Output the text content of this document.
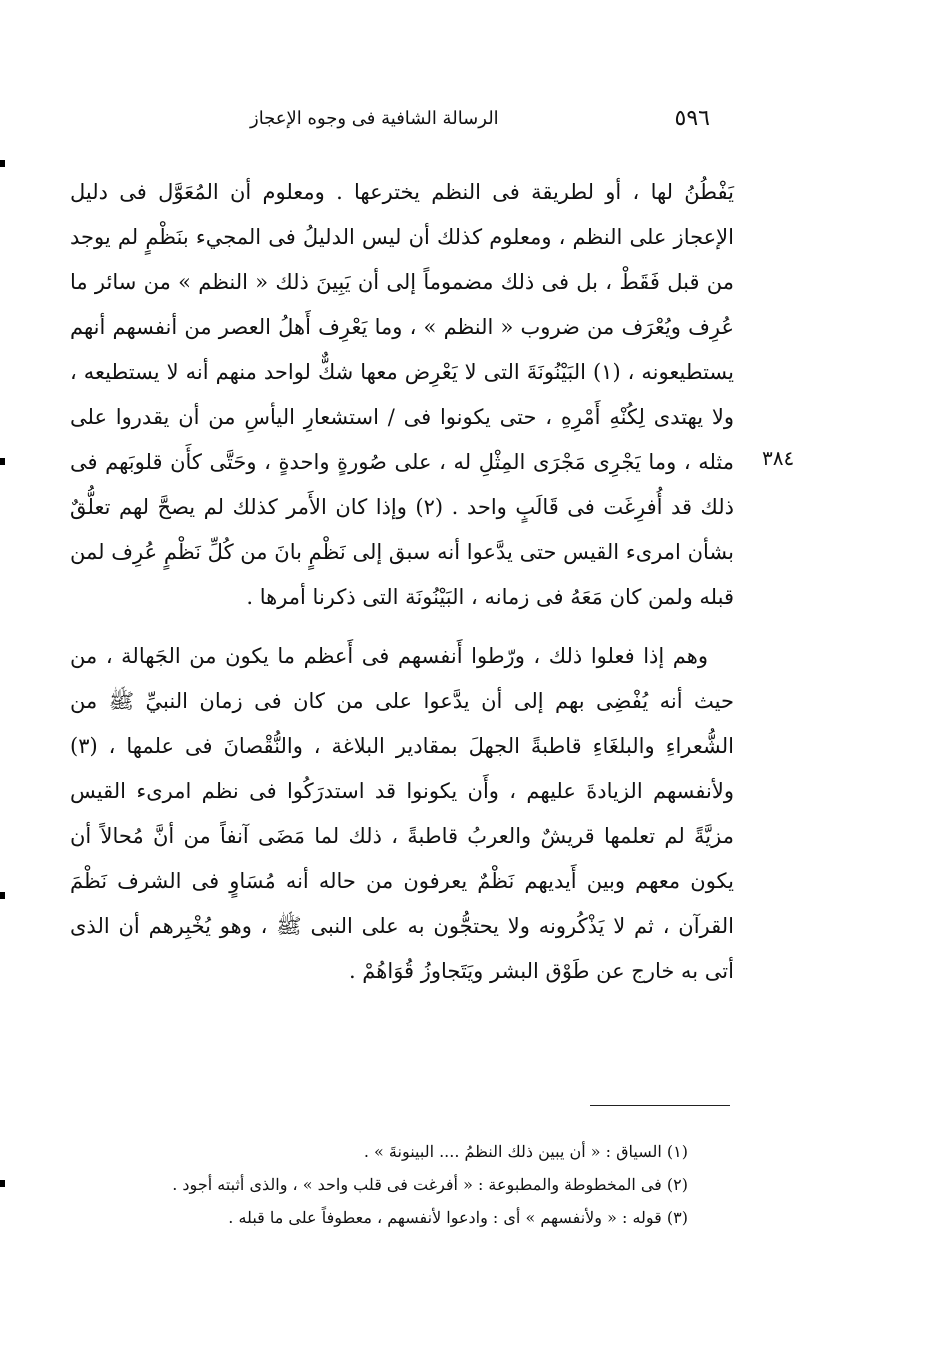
٥٩٦
الرسالة الشافية فى وجوه الإعجاز
٣٨٤

يَفْطُنُ لها ، أو لطريقة فى النظم يخترعها . ومعلوم أن المُعَوَّل فى دليل الإعجاز على النظم ، ومعلوم كذلك أن ليس الدليلُ فى المجيء بنَظْمٍ لم يوجد من قبل فَقَطْ ، بل فى ذلك مضموماً إلى أن يَبِينَ ذلك « النظم » من سائر ما عُرِف ويُعْرَف من ضروب « النظم » ، وما يَعْرِف أَهلُ العصر من أنفسهم أنهم يستطيعونه ، (١) البَيْنُونَةَ التى لا يَعْرِض معها شكٌّ لواحد منهم أنه لا يستطيعه ، ولا يهتدى لِكُنْهِ أَمْرِهِ ، حتى يكونوا فى / استشعارِ اليأسِ من أن يقدروا على مثله ، وما يَجْرِى مَجْرَى المِثْلِ له ، على صُورةٍ واحدةٍ ، وحَتَّى كأَن قلوبَهم فى ذلك قد أُفرِغَت فى قَالَبٍ واحد . (٢) وإذا كان الأَمر كذلك لم يصحَّ لهم تعلُّقٌ بشأن امرىء القيس حتى يدَّعوا أنه سبق إلى نَظْمٍ بانَ من كُلِّ نَظْمٍ عُرِف لمن قبله ولمن كان مَعَهُ فى زمانه ، البَيْنُونَة التى ذكرنا أمرها .

وهم إذا فعلوا ذلك ، ورّطوا أَنفسهم فى أَعظم ما يكون من الجَهالة ، من حيث أنه يُفْضِى بهم إلى أن يدَّعوا على من كان فى زمان النبيِّ ﷺ من الشُّعراءِ والبلغَاءِ قاطبةً الجهلَ بمقادير البلاغة ، والنُّقْصانَ فى علمها ، (٣) ولأنفسهم الزيادةَ عليهم ، وأَن يكونوا قد استدرَكُوا فى نظم امرىء القيس مزيَّةً لم تعلمها قريشٌ والعربُ قاطبةً ، ذلك لما مَضَى آنفاً من أنَّ مُحالاً أن يكون معهم وبين أَيديهم نَظْمٌ يعرفون من حاله أنه مُسَاوٍ فى الشرف نَظْمَ القرآن ، ثم لا يَذْكُرونه ولا يحتجُّون به على النبى ﷺ ، وهو يُخْبِرهم أن الذى أتى به خارج عن طَوْق البشر ويَتَجاوزُ قُوَاهُمْ .

(١) السياق : « أن يبين ذلك النظمُ .... البينونةَ » .
(٢) فى المخطوطة والمطبوعة : « أفرغت فى قلب واحد » ، والذى أثبته أجود .
(٣) قوله : « ولأنفسهم » أى : وادعوا لأنفسهم ، معطوفاً على ما قبله .
